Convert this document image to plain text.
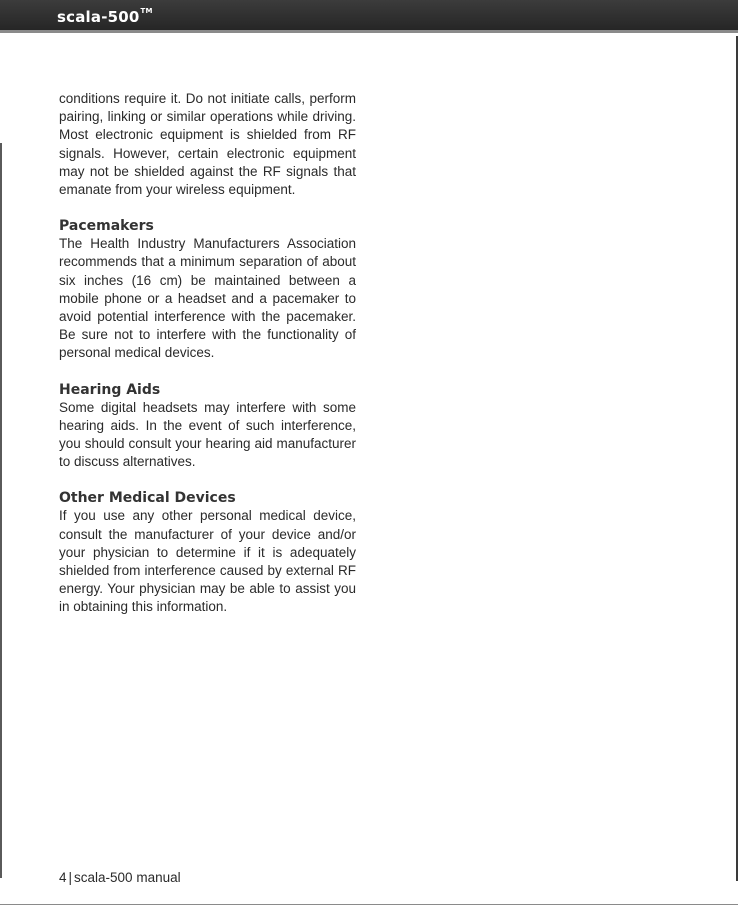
scala-500™

conditions require it. Do not initiate calls, perform pairing, linking or similar operations while driving. Most electronic equipment is shielded from RF signals. However, certain electronic equipment may not be shielded against the RF signals that emanate from your wireless equipment.

Pacemakers

The Health Industry Manufacturers Association recommends that a minimum separation of about six inches (16 cm) be maintained between a mobile phone or a headset and a pacemaker to avoid potential interference with the pacemaker. Be sure not to interfere with the functionality of personal medical devices.

Hearing Aids

Some digital headsets may interfere with some hearing aids. In the event of such interference, you should consult your hearing aid manufacturer to discuss alternatives.

Other Medical Devices

If you use any other personal medical device, consult the manufacturer of your device and/or your physician to determine if it is adequately shielded from interference caused by external RF energy. Your physician may be able to assist you in obtaining this information.

4 | scala-500 manual
